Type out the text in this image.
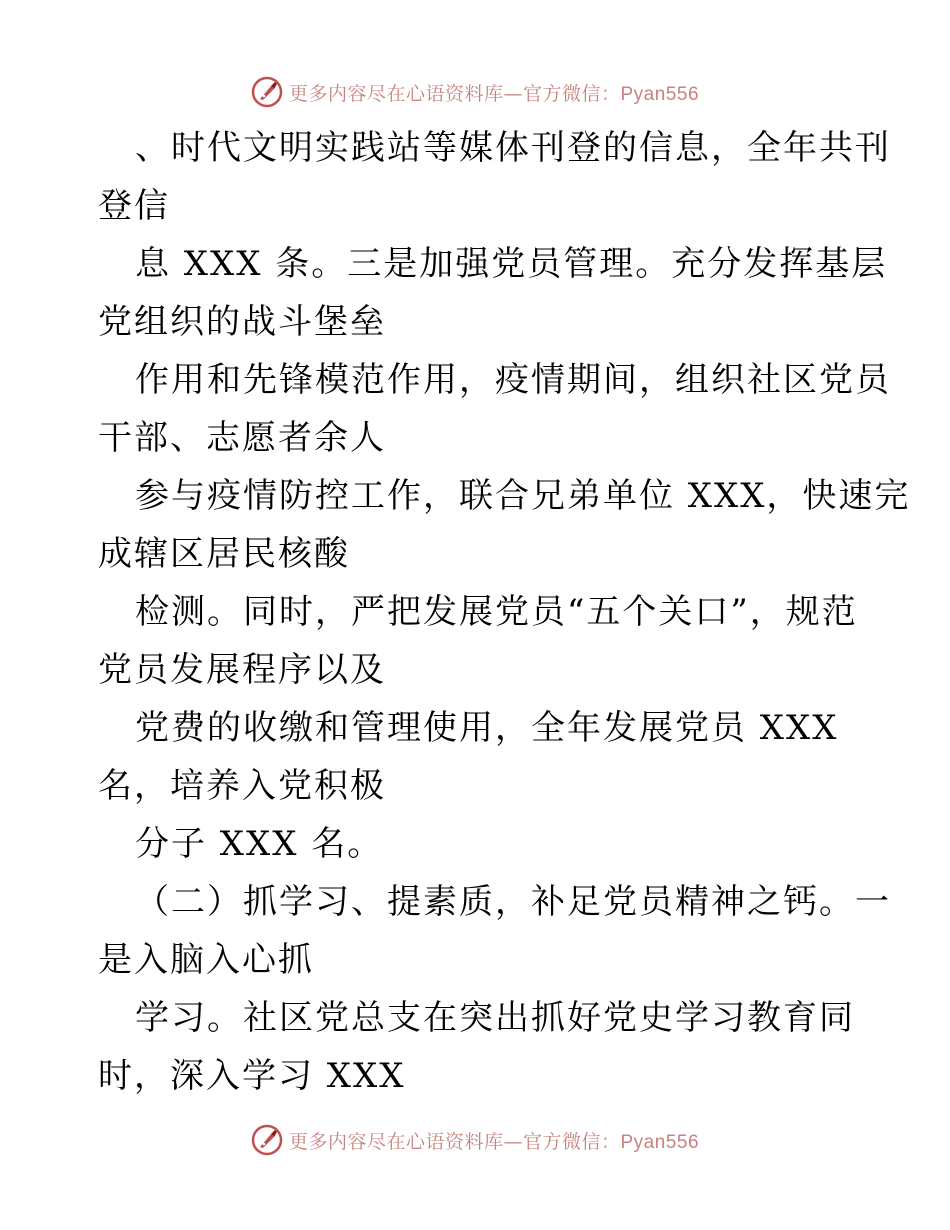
更多内容尽在心语资料库—官方微信：Pyan556
、时代文明实践站等媒体刊登的信息，全年共刊
登信
息 XXX 条。三是加强党员管理。充分发挥基层
党组织的战斗堡垒
作用和先锋模范作用，疫情期间，组织社区党员
干部、志愿者余人
参与疫情防控工作，联合兄弟单位 XXX，快速完
成辖区居民核酸
检测。同时，严把发展党员“五个关口”，规范
党员发展程序以及
党费的收缴和管理使用，全年发展党员 XXX
名，培养入党积极
分子 XXX 名。
（二）抓学习、提素质，补足党员精神之钙。一
是入脑入心抓
学习。社区党总支在突出抓好党史学习教育同
时，深入学习 XXX
更多内容尽在心语资料库—官方微信：Pyan556
